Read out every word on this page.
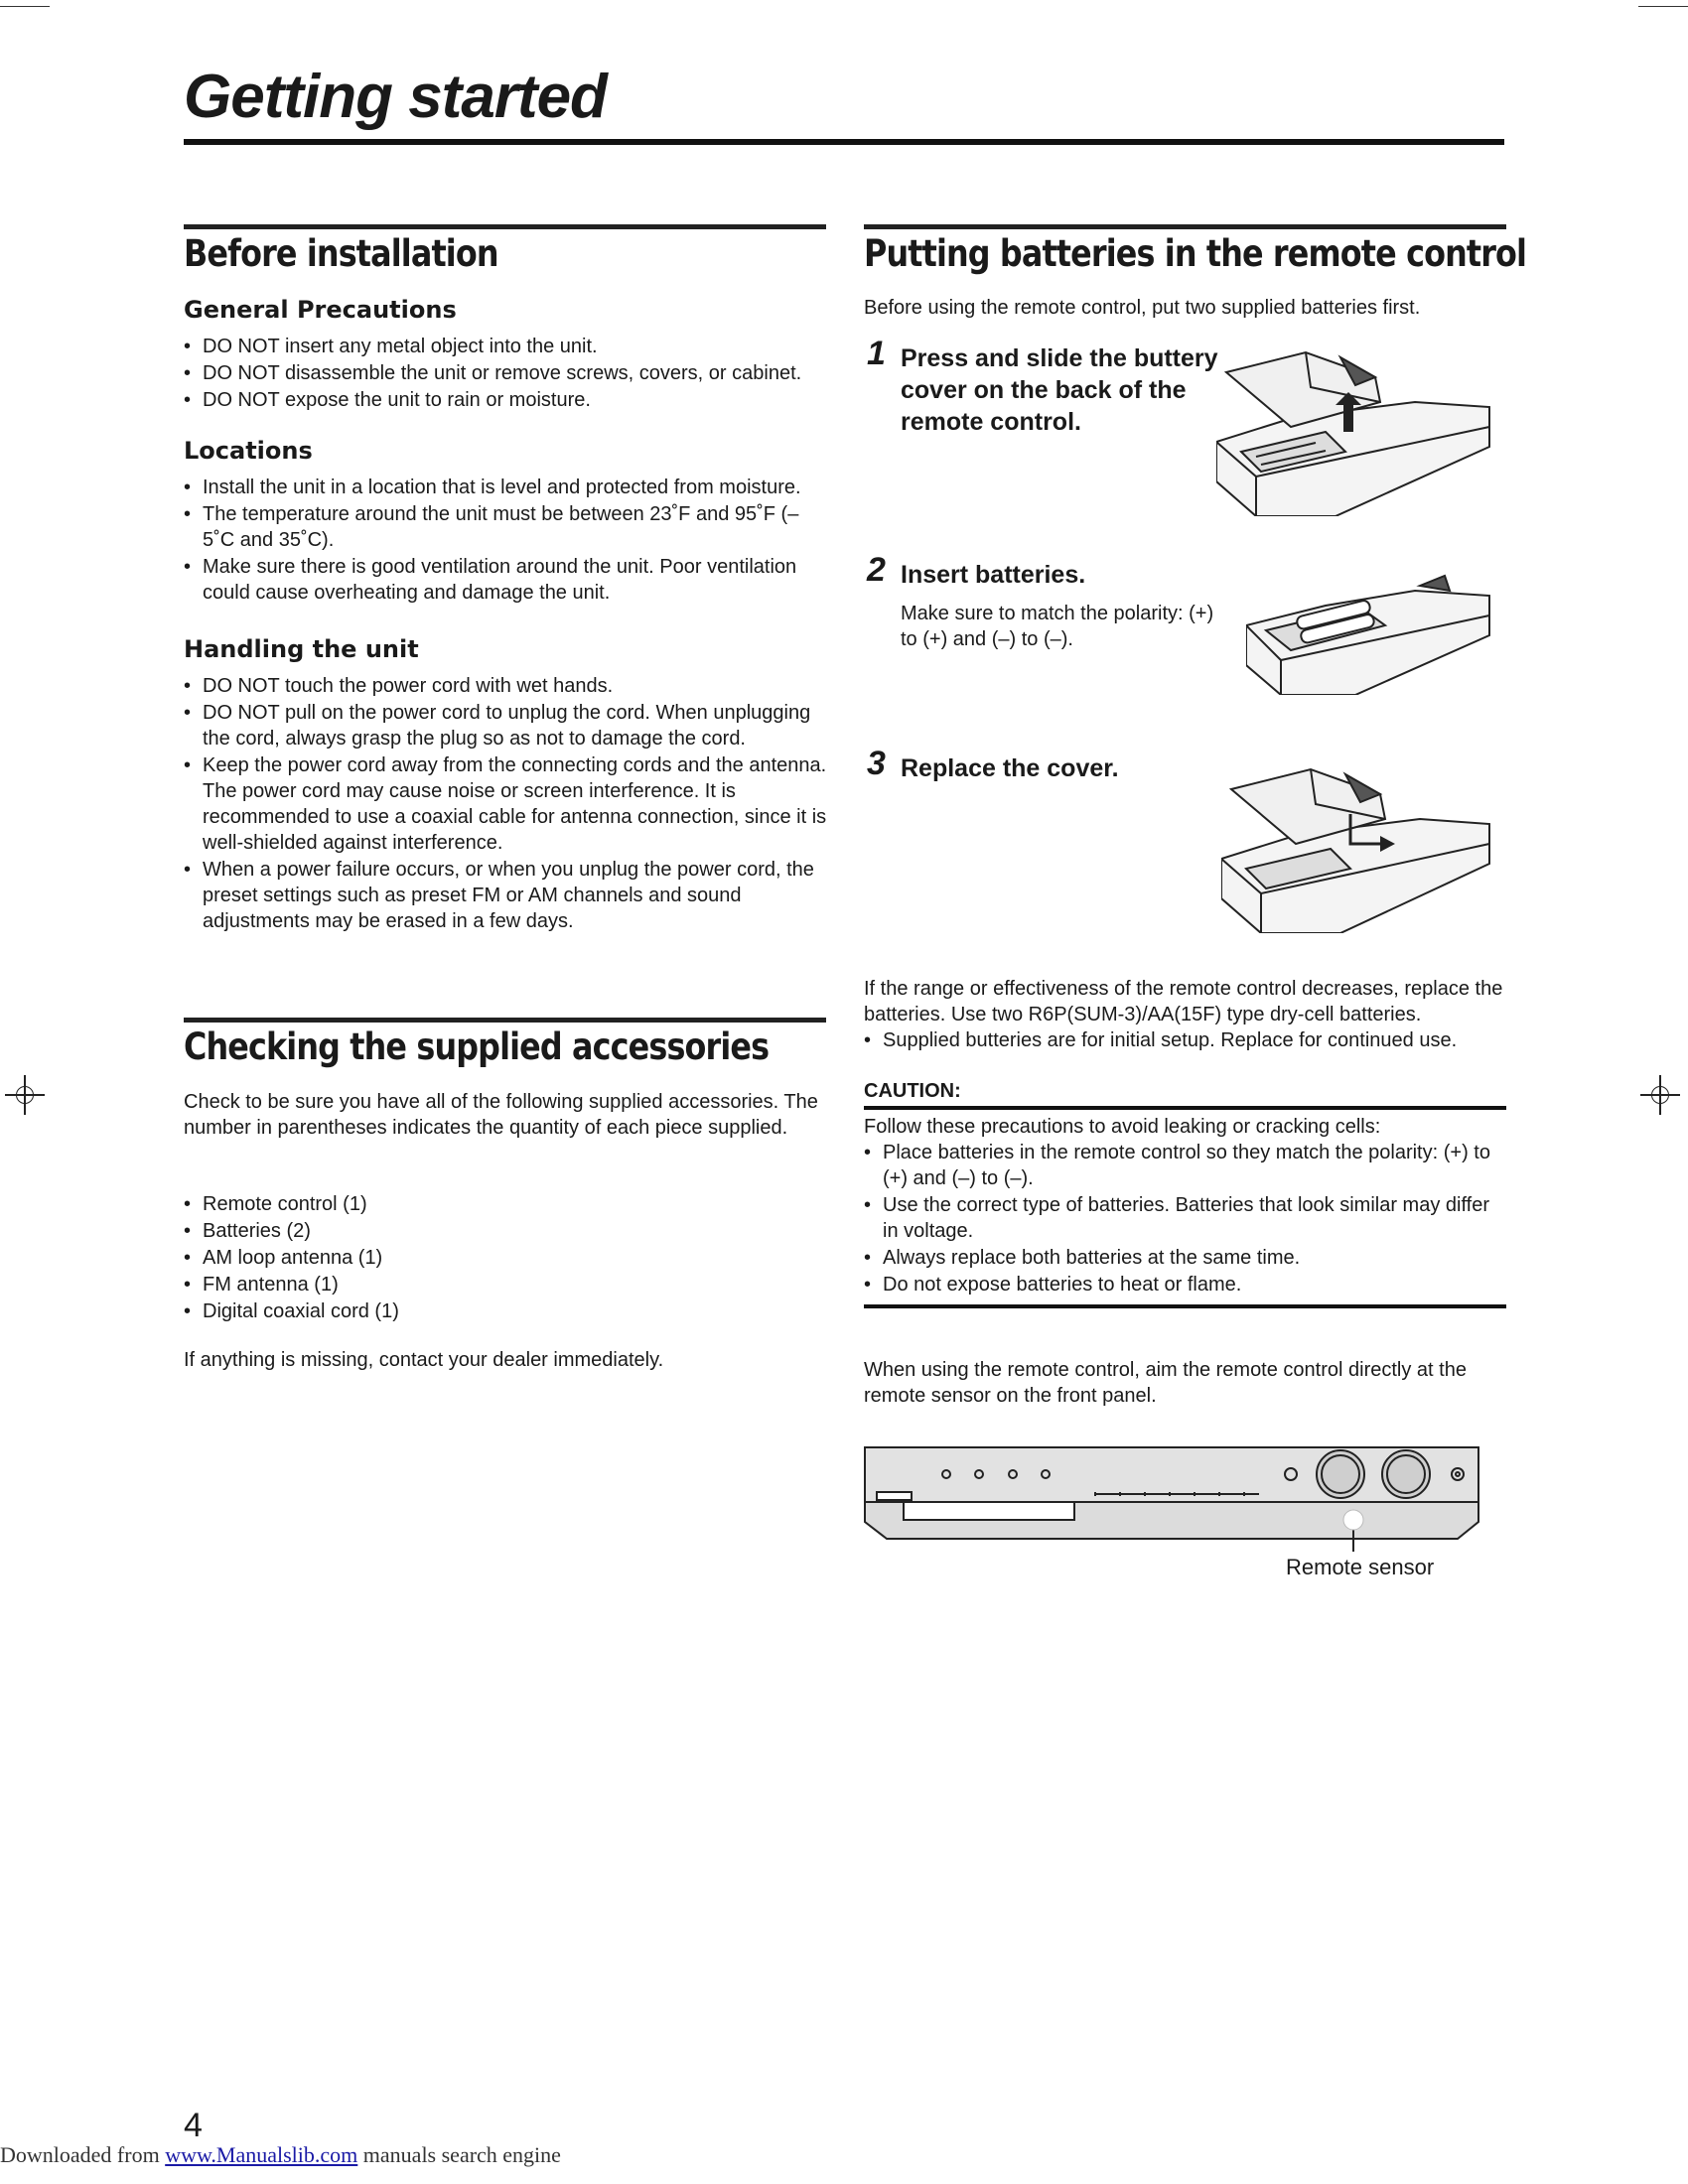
Getting started
Before installation
General Precautions
• DO NOT insert any metal object into the unit.
• DO NOT disassemble the unit or remove screws, covers, or cabinet.
• DO NOT expose the unit to rain or moisture.
Locations
• Install the unit in a location that is level and protected from moisture.
• The temperature around the unit must be between 23˚F and 95˚F (–5˚C and 35˚C).
• Make sure there is good ventilation around the unit. Poor ventilation could cause overheating and damage the unit.
Handling the unit
• DO NOT touch the power cord with wet hands.
• DO NOT pull on the power cord to unplug the cord. When unplugging the cord, always grasp the plug so as not to damage the cord.
• Keep the power cord away from the connecting cords and the antenna. The power cord may cause noise or screen interference. It is recommended to use a coaxial cable for antenna connection, since it is well-shielded against interference.
• When a power failure occurs, or when you unplug the power cord, the preset settings such as preset FM or AM channels and sound adjustments may be erased in a few days.
Checking the supplied accessories
Check to be sure you have all of the following supplied accessories. The number in parentheses indicates the quantity of each piece supplied.
• Remote control (1)
• Batteries (2)
• AM loop antenna (1)
• FM antenna (1)
• Digital coaxial cord (1)
If anything is missing, contact your dealer immediately.
Putting batteries in the remote control
Before using the remote control, put two supplied batteries first.
1 Press and slide the buttery cover on the back of the remote control.
2 Insert batteries.
Make sure to match the polarity: (+) to (+) and (–) to (–).
3 Replace the cover.
If the range or effectiveness of the remote control decreases, replace the batteries. Use two R6P(SUM-3)/AA(15F) type dry-cell batteries.
• Supplied butteries are for initial setup. Replace for continued use.
CAUTION:
Follow these precautions to avoid leaking or cracking cells:
• Place batteries in the remote control so they match the polarity: (+) to (+) and (–) to (–).
• Use the correct type of batteries. Batteries that look similar may differ in voltage.
• Always replace both batteries at the same time.
• Do not expose batteries to heat or flame.
When using the remote control, aim the remote control directly at the remote sensor on the front panel.
Remote sensor
4
Downloaded from www.Manualslib.com manuals search engine
